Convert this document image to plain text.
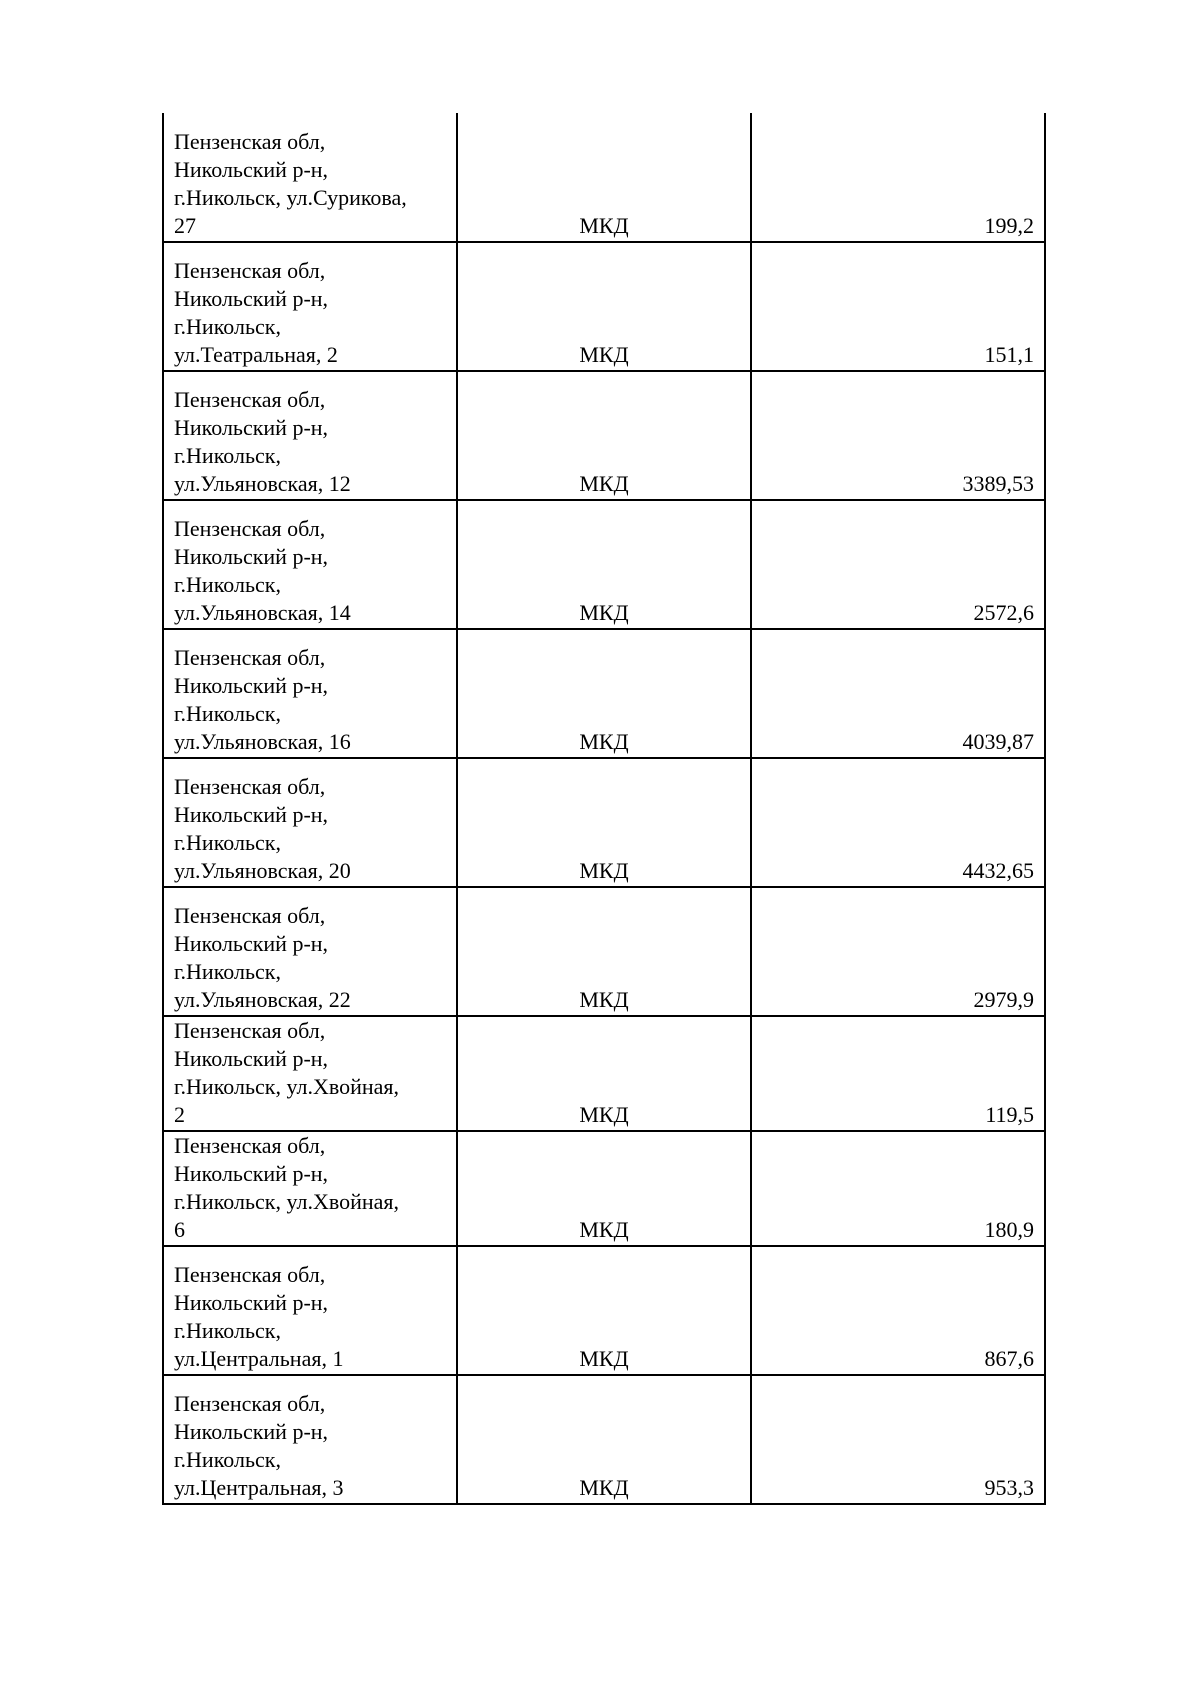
Пензенская обл,
Никольский р-н,
г.Никольск, ул.Сурикова,
27	МКД	199,2
Пензенская обл,
Никольский р-н,
г.Никольск,
ул.Театральная, 2	МКД	151,1
Пензенская обл,
Никольский р-н,
г.Никольск,
ул.Ульяновская, 12	МКД	3389,53
Пензенская обл,
Никольский р-н,
г.Никольск,
ул.Ульяновская, 14	МКД	2572,6
Пензенская обл,
Никольский р-н,
г.Никольск,
ул.Ульяновская, 16	МКД	4039,87
Пензенская обл,
Никольский р-н,
г.Никольск,
ул.Ульяновская, 20	МКД	4432,65
Пензенская обл,
Никольский р-н,
г.Никольск,
ул.Ульяновская, 22	МКД	2979,9
Пензенская обл,
Никольский р-н,
г.Никольск, ул.Хвойная,
2	МКД	119,5
Пензенская обл,
Никольский р-н,
г.Никольск, ул.Хвойная,
6	МКД	180,9
Пензенская обл,
Никольский р-н,
г.Никольск,
ул.Центральная, 1	МКД	867,6
Пензенская обл,
Никольский р-н,
г.Никольск,
ул.Центральная, 3	МКД	953,3
